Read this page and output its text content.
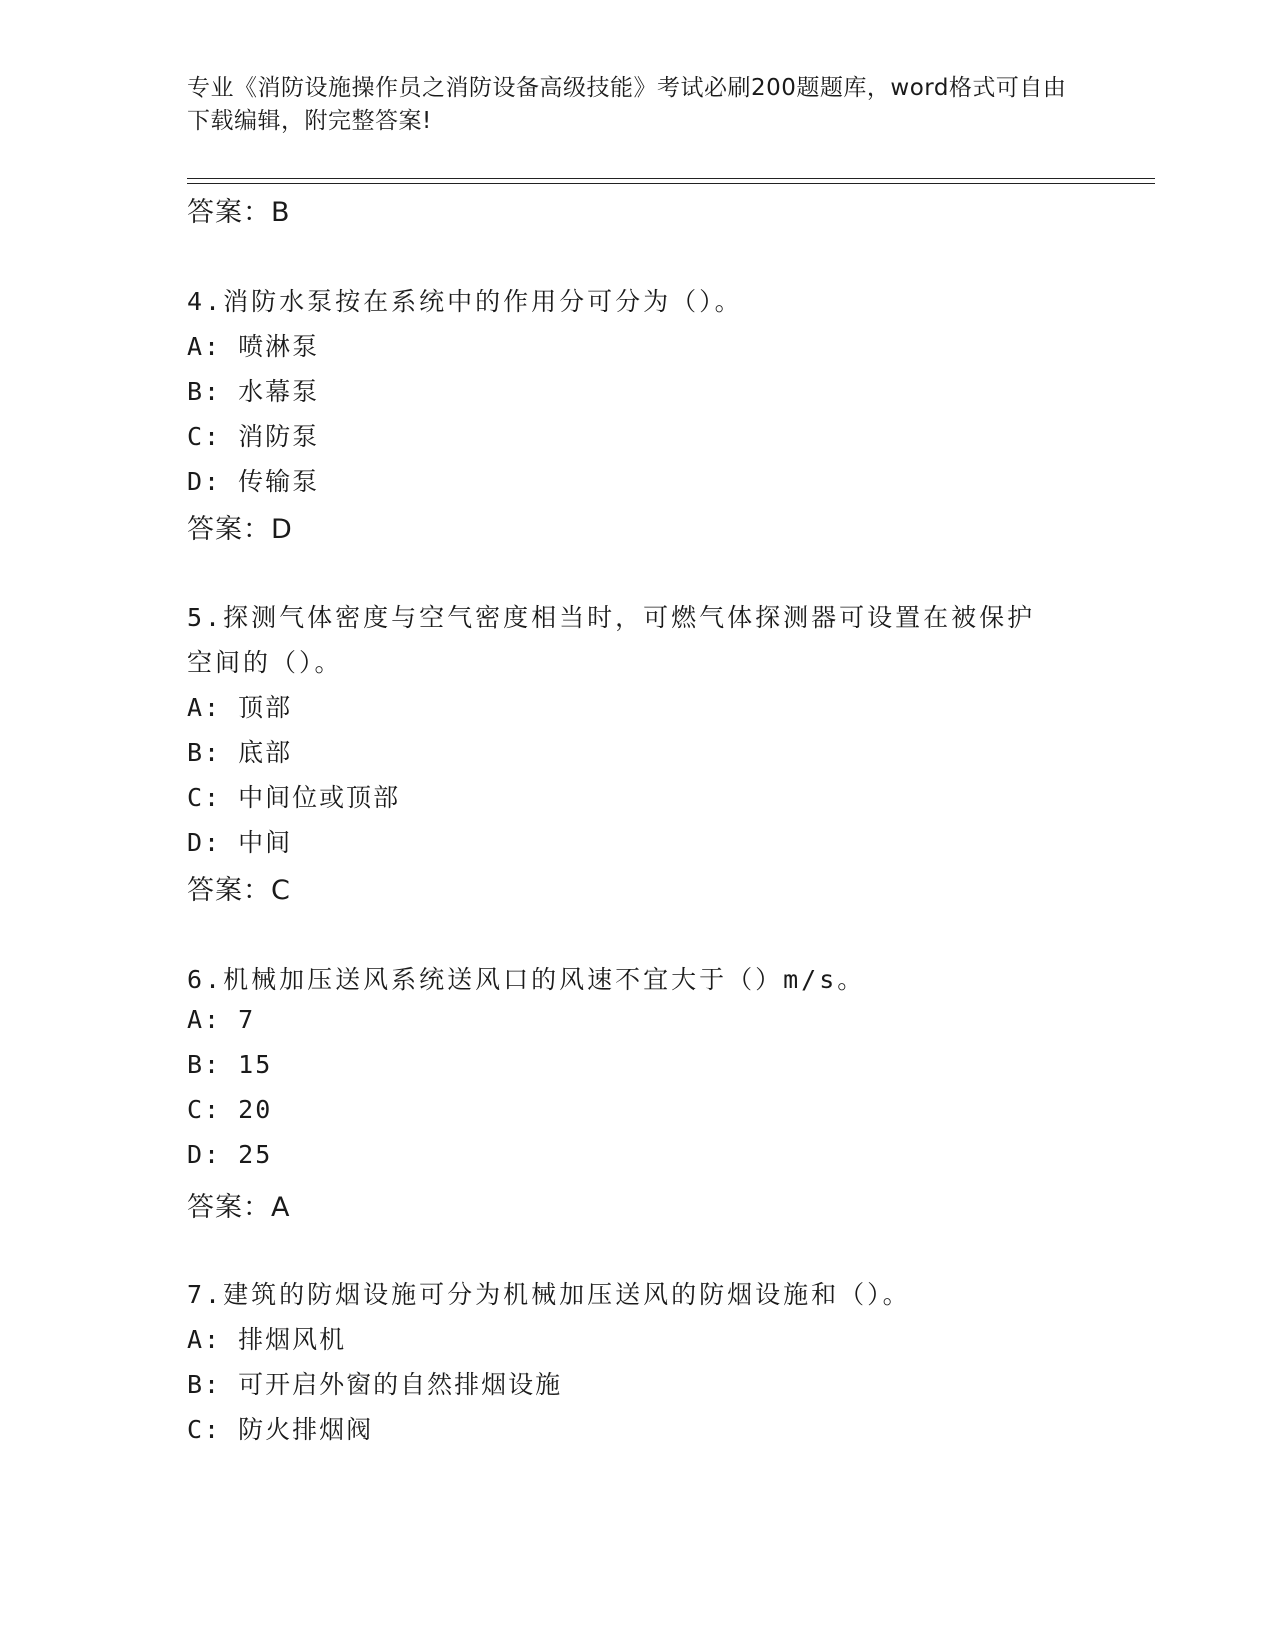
专业《消防设施操作员之消防设备高级技能》考试必刷200题题库，word格式可自由下载编辑，附完整答案!
答案：B
4.消防水泵按在系统中的作用分可分为（）。
A: 喷淋泵
B: 水幕泵
C: 消防泵
D: 传输泵
答案：D
5.探测气体密度与空气密度相当时，可燃气体探测器可设置在被保护
空间的（）。
A: 顶部
B: 底部
C: 中间位或顶部
D: 中间
答案：C
6.机械加压送风系统送风口的风速不宜大于（）m/s。
A: 7
B: 15
C: 20
D: 25
答案：A
7.建筑的防烟设施可分为机械加压送风的防烟设施和（）。
A: 排烟风机
B: 可开启外窗的自然排烟设施
C: 防火排烟阀
